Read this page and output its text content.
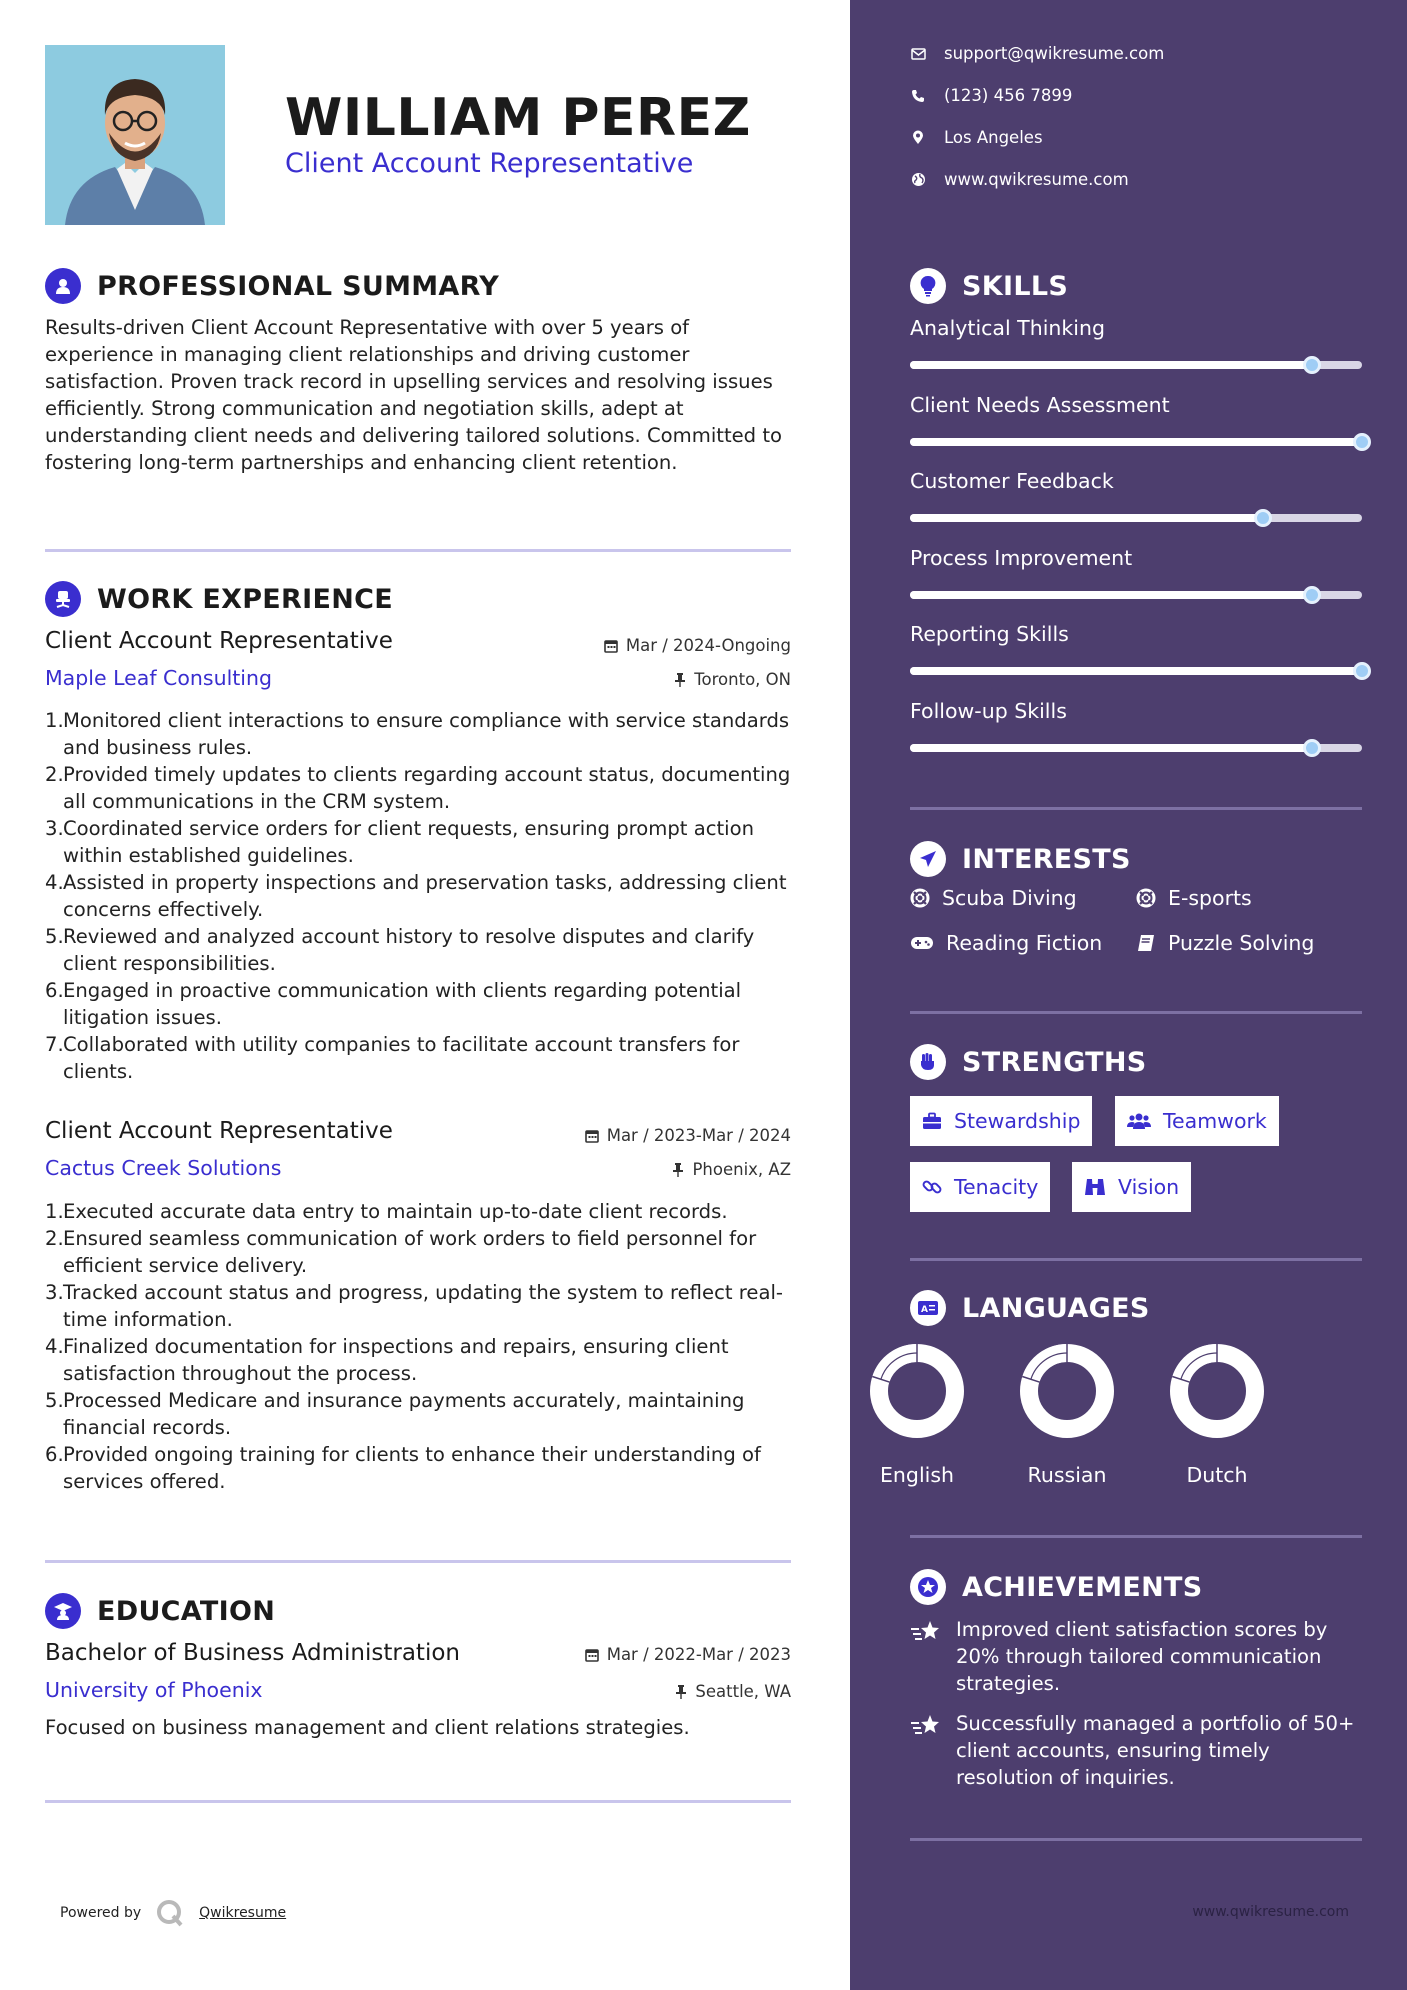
WILLIAM PEREZ
Client Account Representative
PROFESSIONAL SUMMARY
Results-driven Client Account Representative with over 5 years of experience in managing client relationships and driving customer satisfaction. Proven track record in upselling services and resolving issues efficiently. Strong communication and negotiation skills, adept at understanding client needs and delivering tailored solutions. Committed to fostering long-term partnerships and enhancing client retention.
WORK EXPERIENCE
Client Account Representative	Mar / 2024-Ongoing
Maple Leaf Consulting	Toronto, ON
1. Monitored client interactions to ensure compliance with service standards and business rules.
2. Provided timely updates to clients regarding account status, documenting all communications in the CRM system.
3. Coordinated service orders for client requests, ensuring prompt action within established guidelines.
4. Assisted in property inspections and preservation tasks, addressing client concerns effectively.
5. Reviewed and analyzed account history to resolve disputes and clarify client responsibilities.
6. Engaged in proactive communication with clients regarding potential litigation issues.
7. Collaborated with utility companies to facilitate account transfers for clients.
Client Account Representative	Mar / 2023-Mar / 2024
Cactus Creek Solutions	Phoenix, AZ
1. Executed accurate data entry to maintain up-to-date client records.
2. Ensured seamless communication of work orders to field personnel for efficient service delivery.
3. Tracked account status and progress, updating the system to reflect real-time information.
4. Finalized documentation for inspections and repairs, ensuring client satisfaction throughout the process.
5. Processed Medicare and insurance payments accurately, maintaining financial records.
6. Provided ongoing training for clients to enhance their understanding of services offered.
EDUCATION
Bachelor of Business Administration	Mar / 2022-Mar / 2023
University of Phoenix	Seattle, WA
Focused on business management and client relations strategies.
Powered by	Qwikresume
support@qwikresume.com
(123) 456 7899
Los Angeles
www.qwikresume.com
SKILLS
Analytical Thinking
Client Needs Assessment
Customer Feedback
Process Improvement
Reporting Skills
Follow-up Skills
INTERESTS
Scuba Diving	E-sports
Reading Fiction	Puzzle Solving
STRENGTHS
Stewardship	Teamwork
Tenacity	Vision
A LANGUAGES
English	Russian	Dutch
ACHIEVEMENTS
Improved client satisfaction scores by 20% through tailored communication strategies.
Successfully managed a portfolio of 50+ client accounts, ensuring timely resolution of inquiries.
www.qwikresume.com
